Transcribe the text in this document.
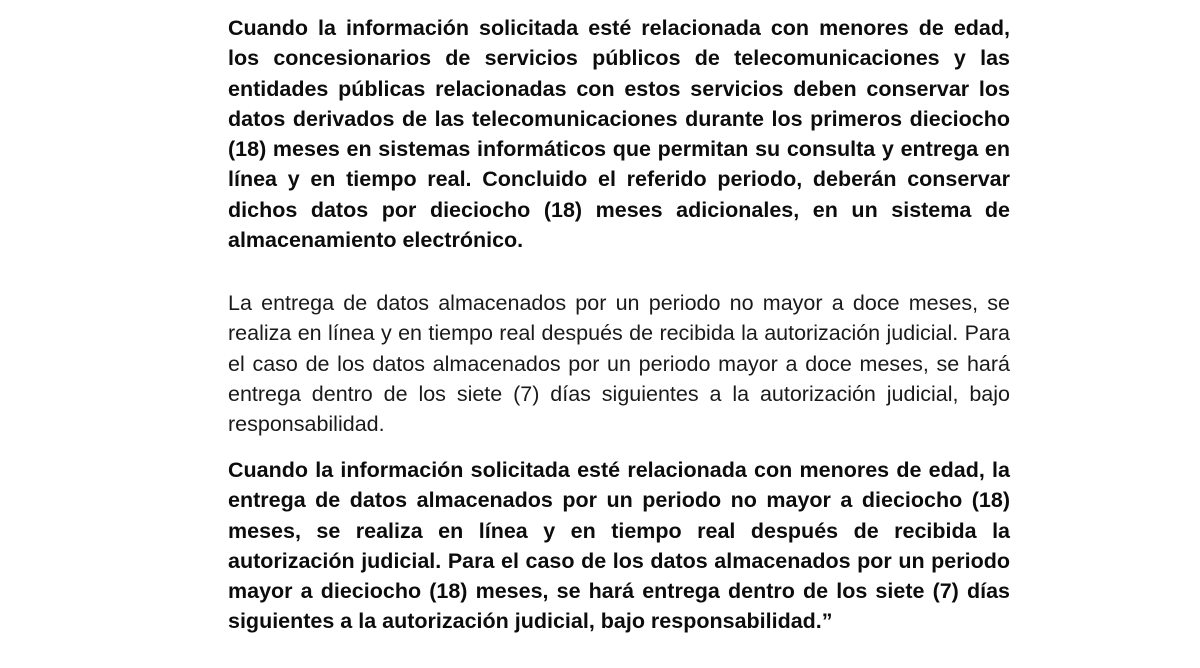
Cuando la información solicitada esté relacionada con menores de edad, los concesionarios de servicios públicos de telecomunicaciones y las entidades públicas relacionadas con estos servicios deben conservar los datos derivados de las telecomunicaciones durante los primeros dieciocho (18) meses en sistemas informáticos que permitan su consulta y entrega en línea y en tiempo real. Concluido el referido periodo, deberán conservar dichos datos por dieciocho (18) meses adicionales, en un sistema de almacenamiento electrónico.

La entrega de datos almacenados por un periodo no mayor a doce meses, se realiza en línea y en tiempo real después de recibida la autorización judicial. Para el caso de los datos almacenados por un periodo mayor a doce meses, se hará entrega dentro de los siete (7) días siguientes a la autorización judicial, bajo responsabilidad.

Cuando la información solicitada esté relacionada con menores de edad, la entrega de datos almacenados por un periodo no mayor a dieciocho (18) meses, se realiza en línea y en tiempo real después de recibida la autorización judicial. Para el caso de los datos almacenados por un periodo mayor a dieciocho (18) meses, se hará entrega dentro de los siete (7) días siguientes a la autorización judicial, bajo responsabilidad.”
